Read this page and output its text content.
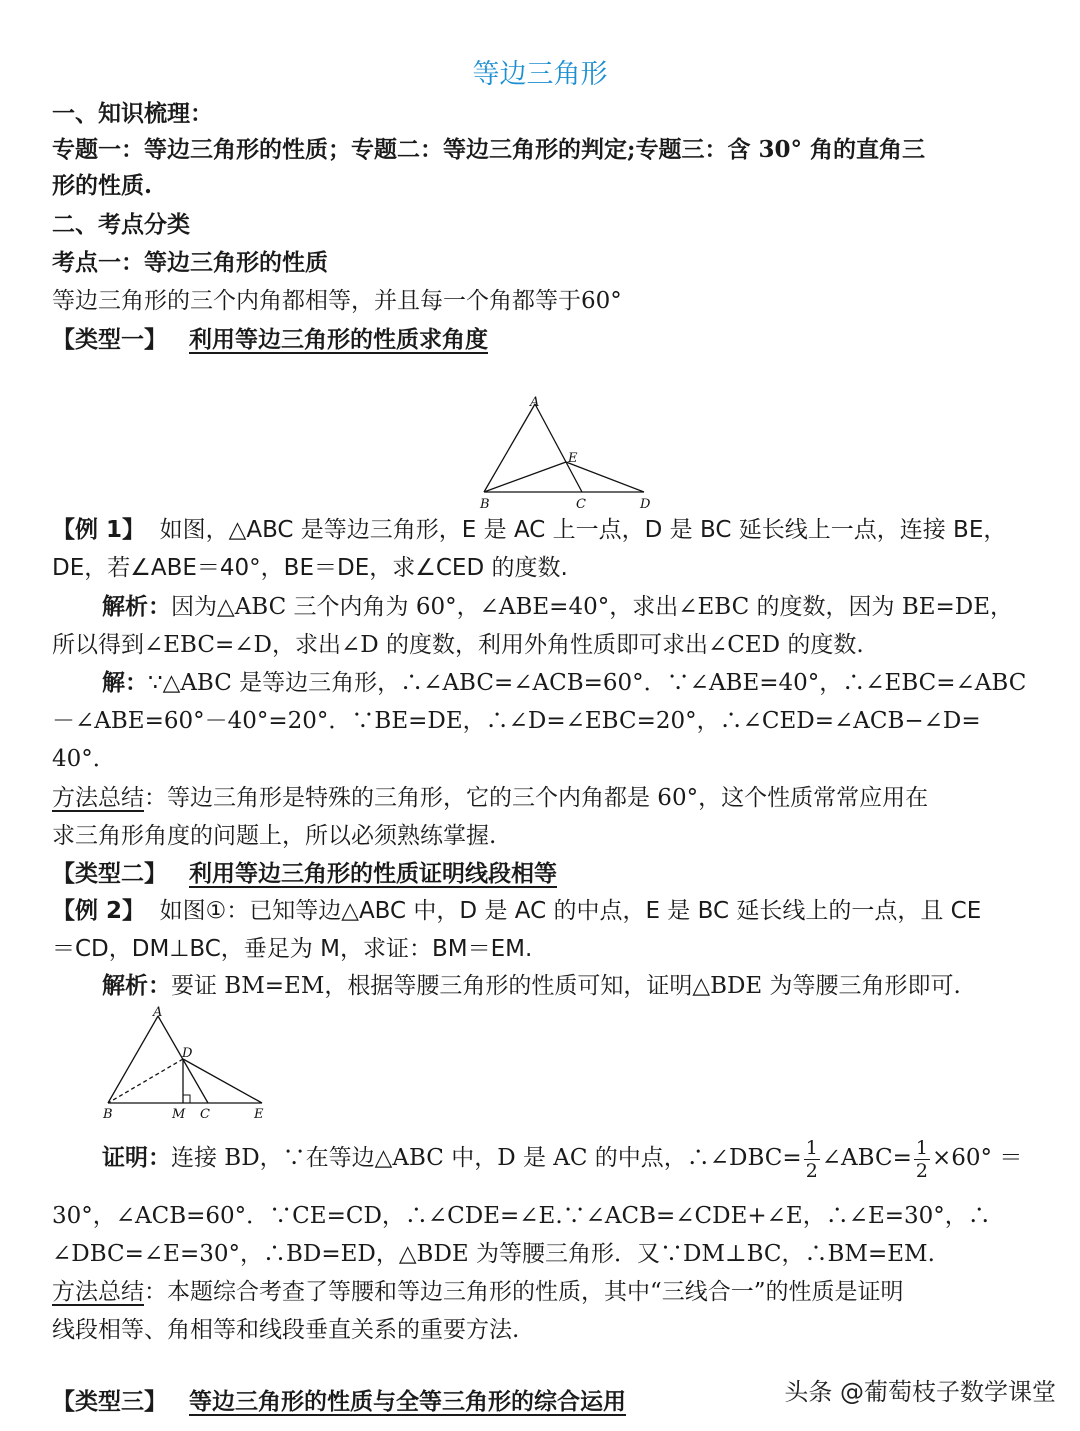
等边三角形
一、知识梳理：
专题一：等边三角形的性质；专题二：等边三角形的判定;专题三：含 30° 角的直角三
形的性质.
二、考点分类
考点一：等边三角形的性质
等边三角形的三个内角都相等，并且每一个角都等于60°
【类型一】 利用等边三角形的性质求角度
A
E
B	C	D
【例 1】 如图，△ABC 是等边三角形，E 是 AC 上一点，D 是 BC 延长线上一点，连接 BE，
DE，若∠ABE＝40°，BE＝DE，求∠CED 的度数.
解析：因为△ABC 三个内角为 60°，∠ABE=40°，求出∠EBC 的度数，因为 BE=DE，
所以得到∠EBC=∠D，求出∠D 的度数，利用外角性质即可求出∠CED 的度数.
解：∵△ABC 是等边三角形，∴∠ABC=∠ACB=60°．∵∠ABE=40°，∴∠EBC=∠ABC
－∠ABE=60°－40°=20°．∵BE=DE，∴∠D=∠EBC=20°，∴∠CED=∠ACB−∠D=
40°．
方法总结：等边三角形是特殊的三角形，它的三个内角都是 60°，这个性质常常应用在
求三角形角度的问题上，所以必须熟练掌握.
【类型二】 利用等边三角形的性质证明线段相等
【例 2】 如图①：已知等边△ABC 中，D 是 AC 的中点，E 是 BC 延长线上的一点，且 CE
＝CD，DM⊥BC，垂足为 M，求证：BM＝EM.
解析：要证 BM=EM，根据等腰三角形的性质可知，证明△BDE 为等腰三角形即可.
A
D
B	M C	E
证明：连接 BD，∵在等边△ABC 中，D 是 AC 的中点，∴∠DBC= $\frac{1}{2}$ ∠ABC= $\frac{1}{2} \times 60^\circ$ ＝
30°，∠ACB=60°．∵CE=CD，∴∠CDE=∠E.∵∠ACB=∠CDE+∠E，∴∠E=30°，∴
∠DBC=∠E=30°，∴BD=ED，△BDE 为等腰三角形．又∵DM⊥BC，∴BM=EM.
方法总结：本题综合考查了等腰和等边三角形的性质，其中“三线合一”的性质是证明
线段相等、角相等和线段垂直关系的重要方法.
【类型三】 等边三角形的性质与全等三角形的综合运用	头条 @葡萄枝子数学课堂
